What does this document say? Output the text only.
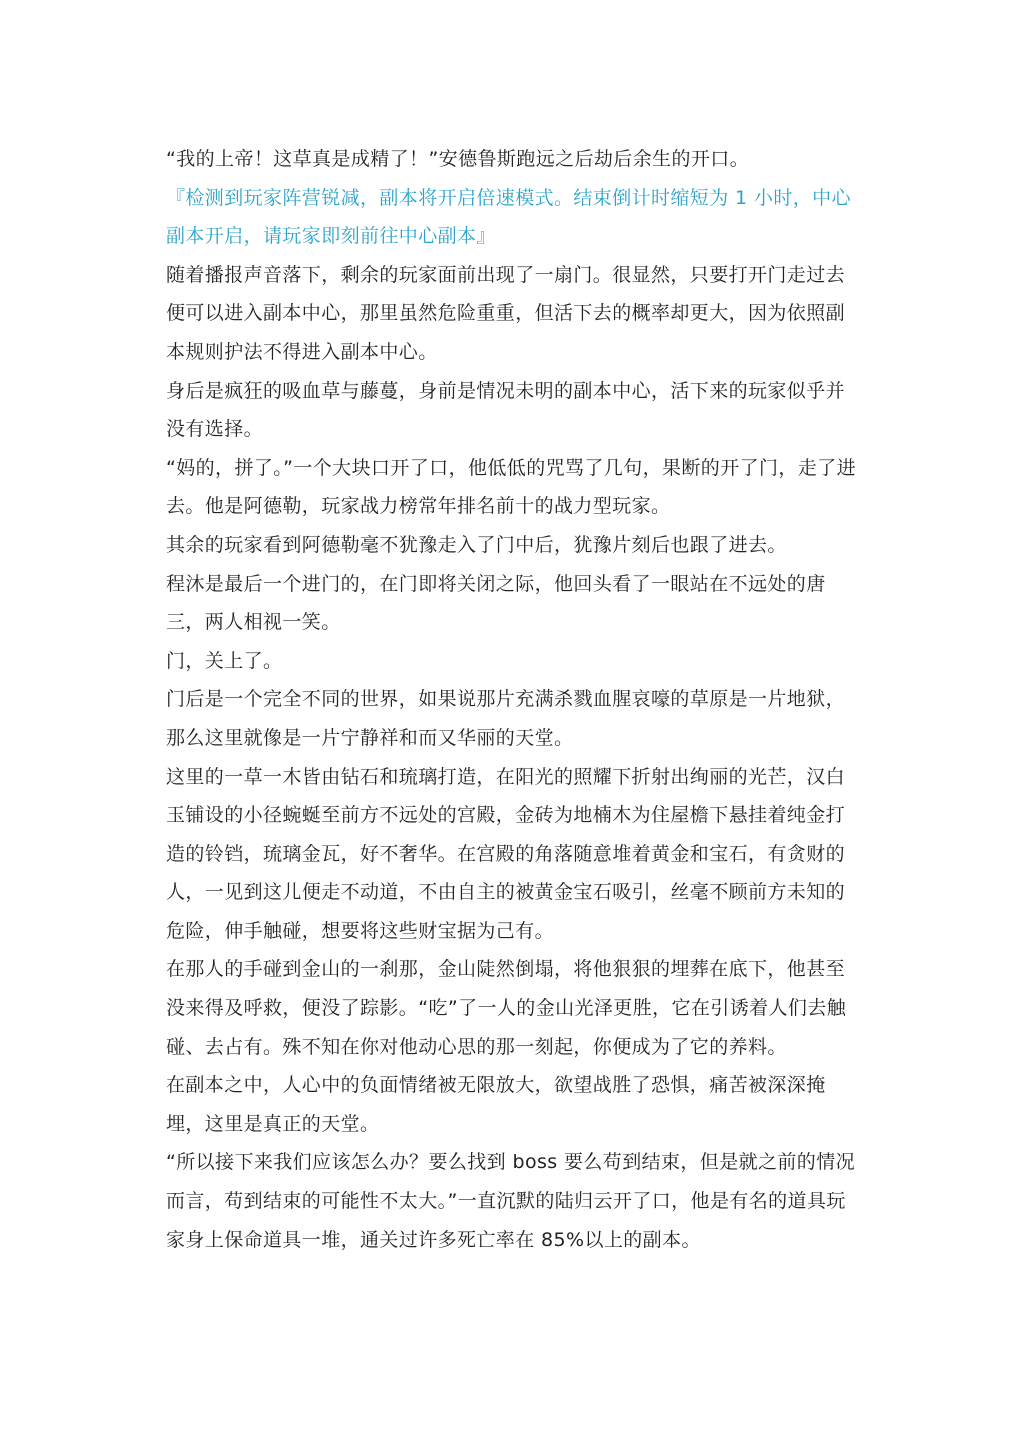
“我的上帝！这草真是成精了！”安德鲁斯跑远之后劫后余生的开口。

『检测到玩家阵营锐减，副本将开启倍速模式。结束倒计时缩短为 1 小时，中心副本开启，请玩家即刻前往中心副本』

随着播报声音落下，剩余的玩家面前出现了一扇门。很显然，只要打开门走过去便可以进入副本中心，那里虽然危险重重，但活下去的概率却更大，因为依照副本规则护法不得进入副本中心。

身后是疯狂的吸血草与藤蔓，身前是情况未明的副本中心，活下来的玩家似乎并没有选择。

“妈的，拼了。”一个大块口开了口，他低低的咒骂了几句，果断的开了门，走了进去。他是阿德勒，玩家战力榜常年排名前十的战力型玩家。

其余的玩家看到阿德勒毫不犹豫走入了门中后，犹豫片刻后也跟了进去。

程沐是最后一个进门的，在门即将关闭之际，他回头看了一眼站在不远处的唐三，两人相视一笑。

门，关上了。

门后是一个完全不同的世界，如果说那片充满杀戮血腥哀嚎的草原是一片地狱，那么这里就像是一片宁静祥和而又华丽的天堂。

这里的一草一木皆由钻石和琉璃打造，在阳光的照耀下折射出绚丽的光芒，汉白玉铺设的小径蜿蜒至前方不远处的宫殿，金砖为地楠木为住屋檐下悬挂着纯金打造的铃铛，琉璃金瓦，好不奢华。在宫殿的角落随意堆着黄金和宝石，有贪财的人，一见到这儿便走不动道，不由自主的被黄金宝石吸引，丝毫不顾前方未知的危险，伸手触碰，想要将这些财宝据为己有。

在那人的手碰到金山的一刹那，金山陡然倒塌，将他狠狠的埋葬在底下，他甚至没来得及呼救，便没了踪影。“吃”了一人的金山光泽更胜，它在引诱着人们去触碰、去占有。殊不知在你对他动心思的那一刻起，你便成为了它的养料。

在副本之中，人心中的负面情绪被无限放大，欲望战胜了恐惧，痛苦被深深掩埋，这里是真正的天堂。

“所以接下来我们应该怎么办？要么找到 boss 要么苟到结束，但是就之前的情况而言，苟到结束的可能性不太大。”一直沉默的陆归云开了口，他是有名的道具玩家身上保命道具一堆，通关过许多死亡率在 85%以上的副本。
